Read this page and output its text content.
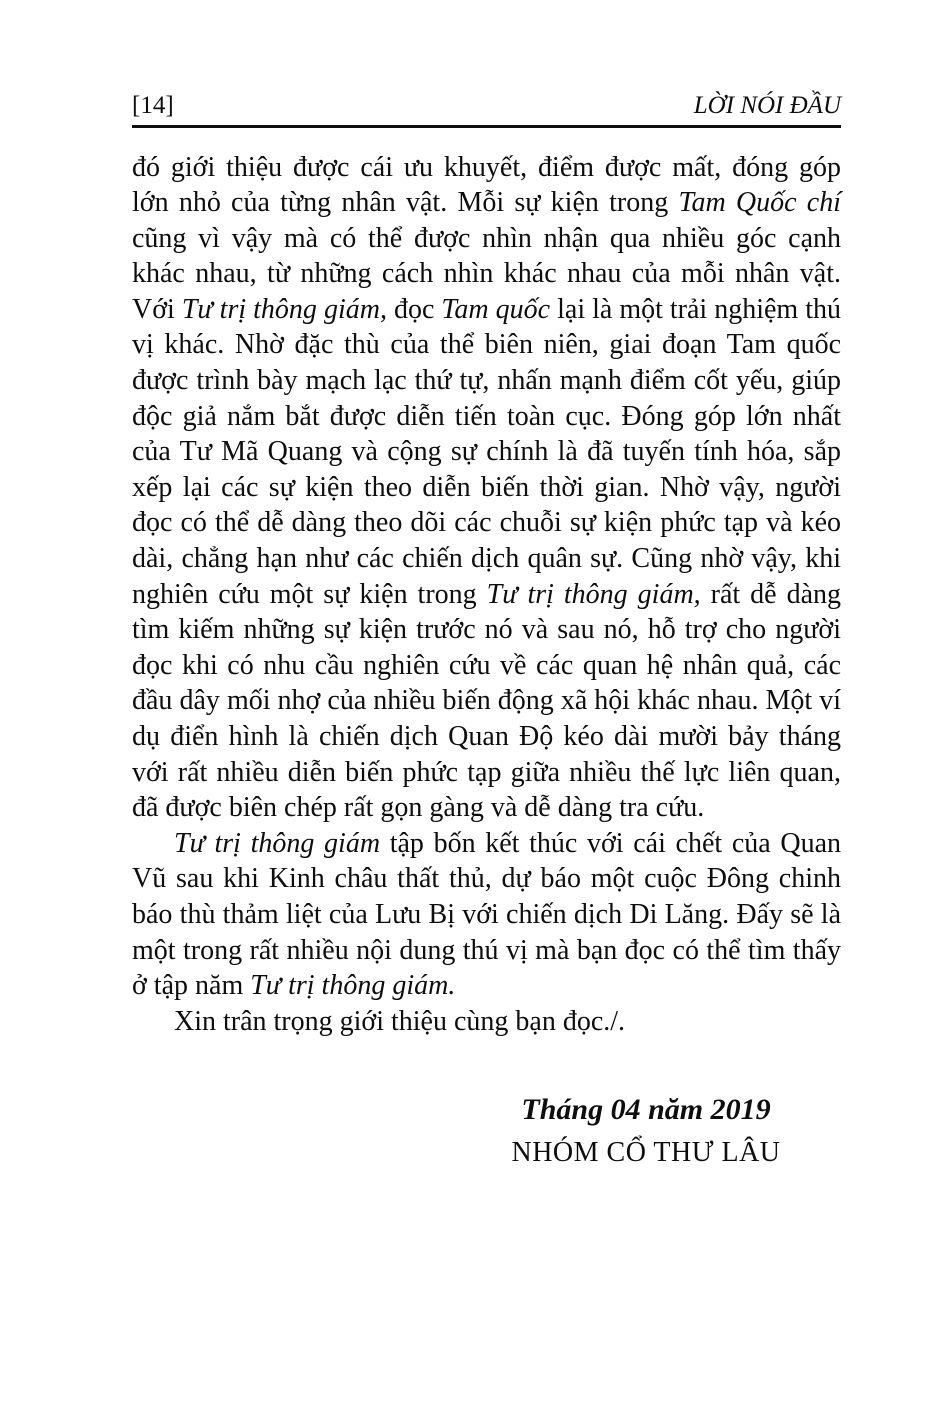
[14]	LỜI NÓI ĐẦU

đó giới thiệu được cái ưu khuyết, điểm được mất, đóng góp lớn nhỏ của từng nhân vật. Mỗi sự kiện trong Tam Quốc chí cũng vì vậy mà có thể được nhìn nhận qua nhiều góc cạnh khác nhau, từ những cách nhìn khác nhau của mỗi nhân vật. Với Tư trị thông giám, đọc Tam quốc lại là một trải nghiệm thú vị khác. Nhờ đặc thù của thể biên niên, giai đoạn Tam quốc được trình bày mạch lạc thứ tự, nhấn mạnh điểm cốt yếu, giúp độc giả nắm bắt được diễn tiến toàn cục. Đóng góp lớn nhất của Tư Mã Quang và cộng sự chính là đã tuyến tính hóa, sắp xếp lại các sự kiện theo diễn biến thời gian. Nhờ vậy, người đọc có thể dễ dàng theo dõi các chuỗi sự kiện phức tạp và kéo dài, chẳng hạn như các chiến dịch quân sự. Cũng nhờ vậy, khi nghiên cứu một sự kiện trong Tư trị thông giám, rất dễ dàng tìm kiếm những sự kiện trước nó và sau nó, hỗ trợ cho người đọc khi có nhu cầu nghiên cứu về các quan hệ nhân quả, các đầu dây mối nhợ của nhiều biến động xã hội khác nhau. Một ví dụ điển hình là chiến dịch Quan Độ kéo dài mười bảy tháng với rất nhiều diễn biến phức tạp giữa nhiều thế lực liên quan, đã được biên chép rất gọn gàng và dễ dàng tra cứu.

Tư trị thông giám tập bốn kết thúc với cái chết của Quan Vũ sau khi Kinh châu thất thủ, dự báo một cuộc Đông chinh báo thù thảm liệt của Lưu Bị với chiến dịch Di Lăng. Đấy sẽ là một trong rất nhiều nội dung thú vị mà bạn đọc có thể tìm thấy ở tập năm Tư trị thông giám.

Xin trân trọng giới thiệu cùng bạn đọc./.

Tháng 04 năm 2019
NHÓM CỔ THƯ LÂU
